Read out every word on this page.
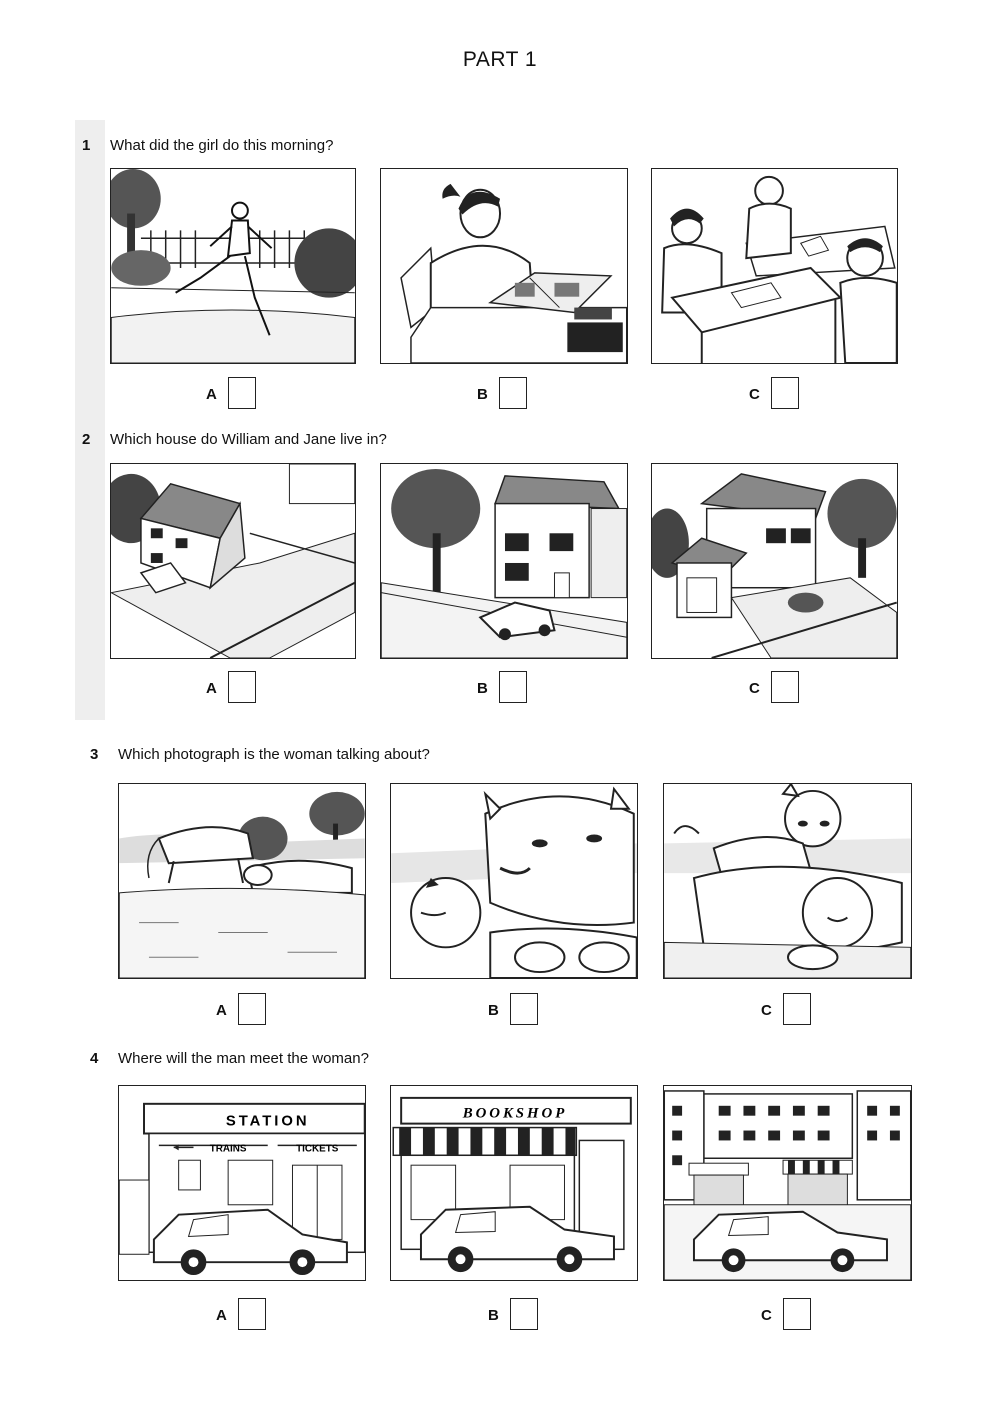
PART 1
1 What did the girl do this morning?
A	B	C
2 Which house do William and Jane live in?
A	B	C
3 Which photograph is the woman talking about?
A	B	C
4 Where will the man meet the woman?
STATION
TRAINS	TICKETS
BOOKSHOP
A	B	C
